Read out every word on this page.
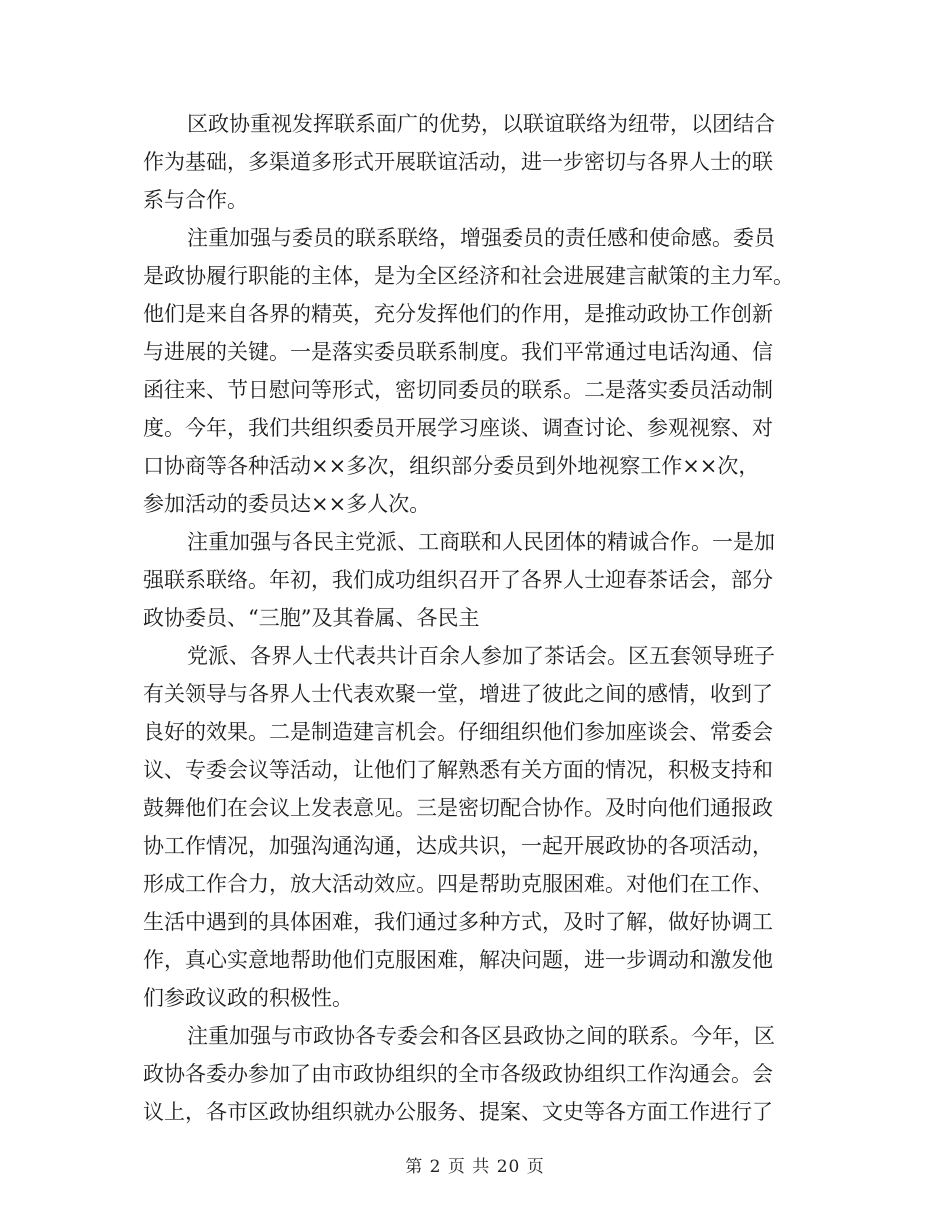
区政协重视发挥联系面广的优势，以联谊联络为纽带，以团结合
作为基础，多渠道多形式开展联谊活动，进一步密切与各界人士的联
系与合作。
注重加强与委员的联系联络，增强委员的责任感和使命感。委员
是政协履行职能的主体，是为全区经济和社会进展建言献策的主力军。
他们是来自各界的精英，充分发挥他们的作用，是推动政协工作创新
与进展的关键。一是落实委员联系制度。我们平常通过电话沟通、信
函往来、节日慰问等形式，密切同委员的联系。二是落实委员活动制
度。今年，我们共组织委员开展学习座谈、调查讨论、参观视察、对
口协商等各种活动××多次，组织部分委员到外地视察工作××次，
参加活动的委员达××多人次。
注重加强与各民主党派、工商联和人民团体的精诚合作。一是加
强联系联络。年初，我们成功组织召开了各界人士迎春茶话会，部分
政协委员、“三胞”及其眷属、各民主
党派、各界人士代表共计百余人参加了茶话会。区五套领导班子
有关领导与各界人士代表欢聚一堂，增进了彼此之间的感情，收到了
良好的效果。二是制造建言机会。仔细组织他们参加座谈会、常委会
议、专委会议等活动，让他们了解熟悉有关方面的情况，积极支持和
鼓舞他们在会议上发表意见。三是密切配合协作。及时向他们通报政
协工作情况，加强沟通沟通，达成共识，一起开展政协的各项活动，
形成工作合力，放大活动效应。四是帮助克服困难。对他们在工作、
生活中遇到的具体困难，我们通过多种方式，及时了解，做好协调工
作，真心实意地帮助他们克服困难，解决问题，进一步调动和激发他
们参政议政的积极性。
注重加强与市政协各专委会和各区县政协之间的联系。今年，区
政协各委办参加了由市政协组织的全市各级政协组织工作沟通会。会
议上，各市区政协组织就办公服务、提案、文史等各方面工作进行了
第 2 页 共 20 页
